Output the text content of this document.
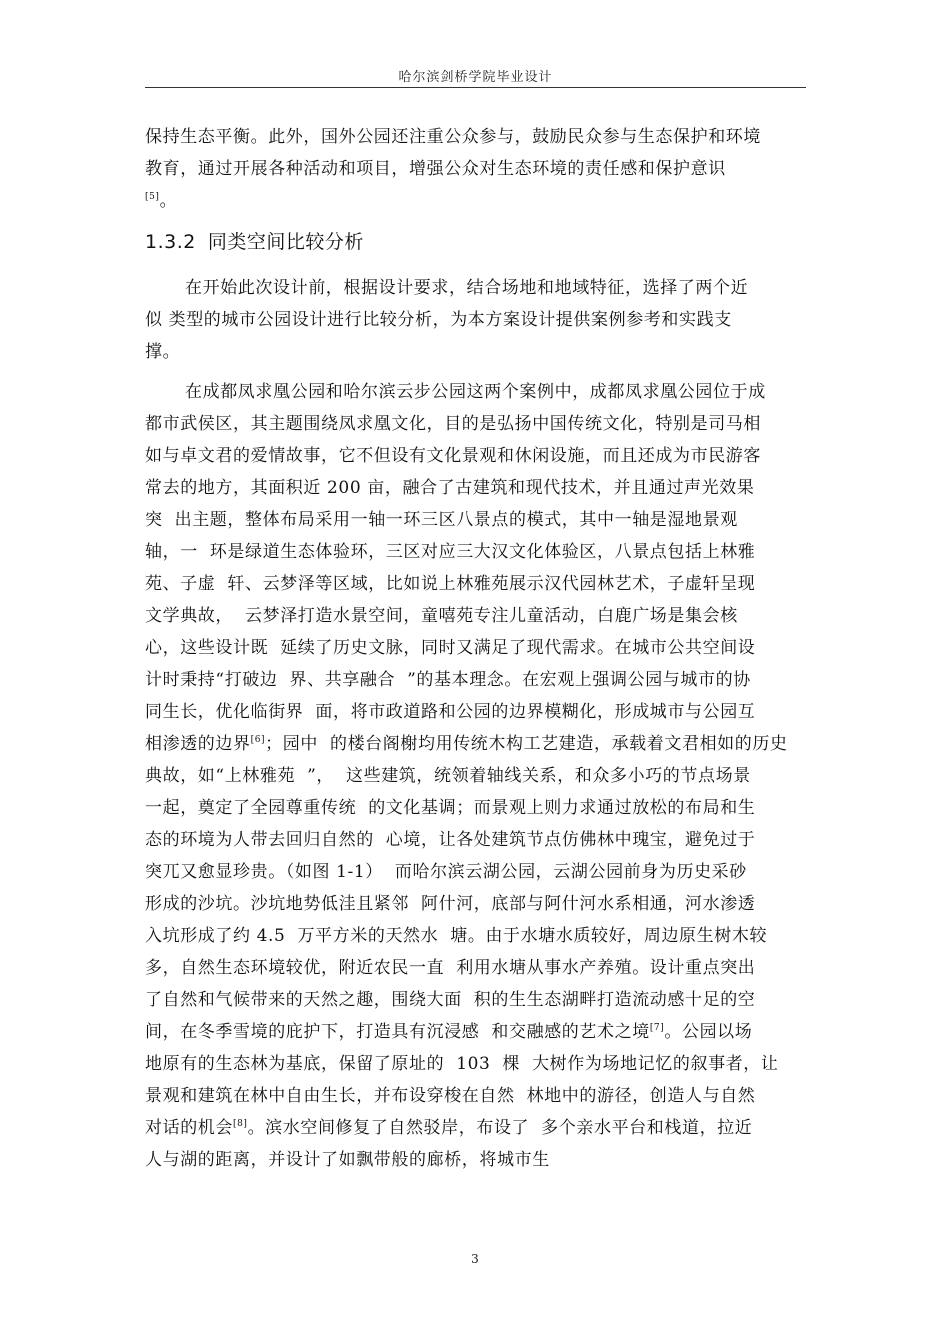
哈尔滨剑桥学院毕业设计
保持生态平衡。此外，国外公园还注重公众参与，鼓励民众参与生态保护和环境
教育，通过开展各种活动和项目，增强公众对生态环境的责任感和保护意识
[5]。
1.3.2 同类空间比较分析
在开始此次设计前，根据设计要求，结合场地和地域特征，选择了两个近
似 类型的城市公园设计进行比较分析，为本方案设计提供案例参考和实践支
撑。
在成都凤求凰公园和哈尔滨云步公园这两个案例中，成都凤求凰公园位于成
都市武侯区，其主题围绕凤求凰文化，目的是弘扬中国传统文化，特别是司马相
如与卓文君的爱情故事，它不但设有文化景观和休闲设施，而且还成为市民游客
常去的地方，其面积近 200 亩，融合了古建筑和现代技术，并且通过声光效果
突  出主题，整体布局采用一轴一环三区八景点的模式，其中一轴是湿地景观
轴，一  环是绿道生态体验环，三区对应三大汉文化体验区，八景点包括上林雅
苑、子虚  轩、云梦泽等区域，比如说上林雅苑展示汉代园林艺术，子虚轩呈现
文学典故，  云梦泽打造水景空间，童嘻苑专注儿童活动，白鹿广场是集会核
心，这些设计既  延续了历史文脉，同时又满足了现代需求。在城市公共空间设
计时秉持“打破边  界、共享融合  ”的基本理念。在宏观上强调公园与城市的协
同生长，优化临街界  面，将市政道路和公园的边界模糊化，形成城市与公园互
相渗透的边界[6]；园中  的楼台阁榭均用传统木构工艺建造，承载着文君相如的历史
典故，如“上林雅苑  ”，  这些建筑，统领着轴线关系，和众多小巧的节点场景
一起，奠定了全园尊重传统  的文化基调；而景观上则力求通过放松的布局和生
态的环境为人带去回归自然的  心境，让各处建筑节点仿佛林中瑰宝，避免过于
突兀又愈显珍贵。（如图 1-1）  而哈尔滨云湖公园，云湖公园前身为历史采砂
形成的沙坑。沙坑地势低洼且紧邻  阿什河，底部与阿什河水系相通，河水渗透
入坑形成了约 4.5  万平方米的天然水  塘。由于水塘水质较好，周边原生树木较
多，自然生态环境较优，附近农民一直  利用水塘从事水产养殖。设计重点突出
了自然和气候带来的天然之趣，围绕大面  积的生生态湖畔打造流动感十足的空
间，在冬季雪境的庇护下，打造具有沉浸感  和交融感的艺术之境[7]。公园以场
地原有的生态林为基底，保留了原址的  103  棵  大树作为场地记忆的叙事者，让
景观和建筑在林中自由生长，并布设穿梭在自然  林地中的游径，创造人与自然
对话的机会[8]。滨水空间修复了自然驳岸，布设了  多个亲水平台和栈道，拉近
人与湖的距离，并设计了如飘带般的廊桥，将城市生
3
